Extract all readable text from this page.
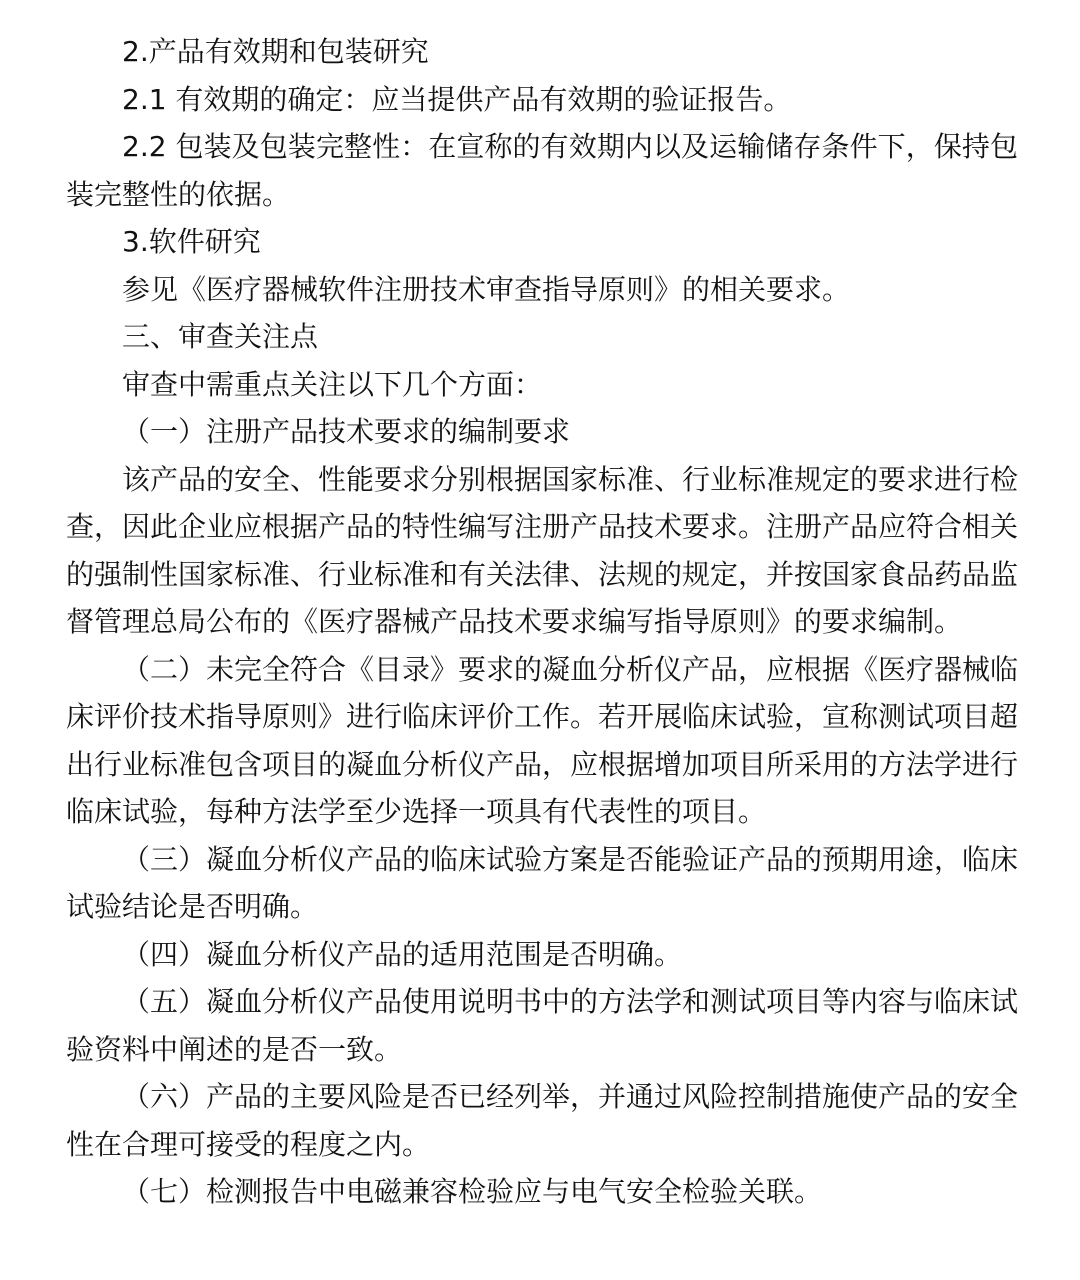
2.产品有效期和包装研究

2.1 有效期的确定：应当提供产品有效期的验证报告。

2.2 包装及包装完整性：在宣称的有效期内以及运输储存条件下，保持包装完整性的依据。

3.软件研究

参见《医疗器械软件注册技术审查指导原则》的相关要求。

三、审查关注点

审查中需重点关注以下几个方面：

（一）注册产品技术要求的编制要求

该产品的安全、性能要求分别根据国家标准、行业标准规定的要求进行检查，因此企业应根据产品的特性编写注册产品技术要求。注册产品应符合相关的强制性国家标准、行业标准和有关法律、法规的规定，并按国家食品药品监督管理总局公布的《医疗器械产品技术要求编写指导原则》的要求编制。

（二）未完全符合《目录》要求的凝血分析仪产品，应根据《医疗器械临床评价技术指导原则》进行临床评价工作。若开展临床试验，宣称测试项目超出行业标准包含项目的凝血分析仪产品，应根据增加项目所采用的方法学进行临床试验，每种方法学至少选择一项具有代表性的项目。

（三）凝血分析仪产品的临床试验方案是否能验证产品的预期用途，临床试验结论是否明确。

（四）凝血分析仪产品的适用范围是否明确。

（五）凝血分析仪产品使用说明书中的方法学和测试项目等内容与临床试验资料中阐述的是否一致。

（六）产品的主要风险是否已经列举，并通过风险控制措施使产品的安全性在合理可接受的程度之内。

（七）检测报告中电磁兼容检验应与电气安全检验关联。
